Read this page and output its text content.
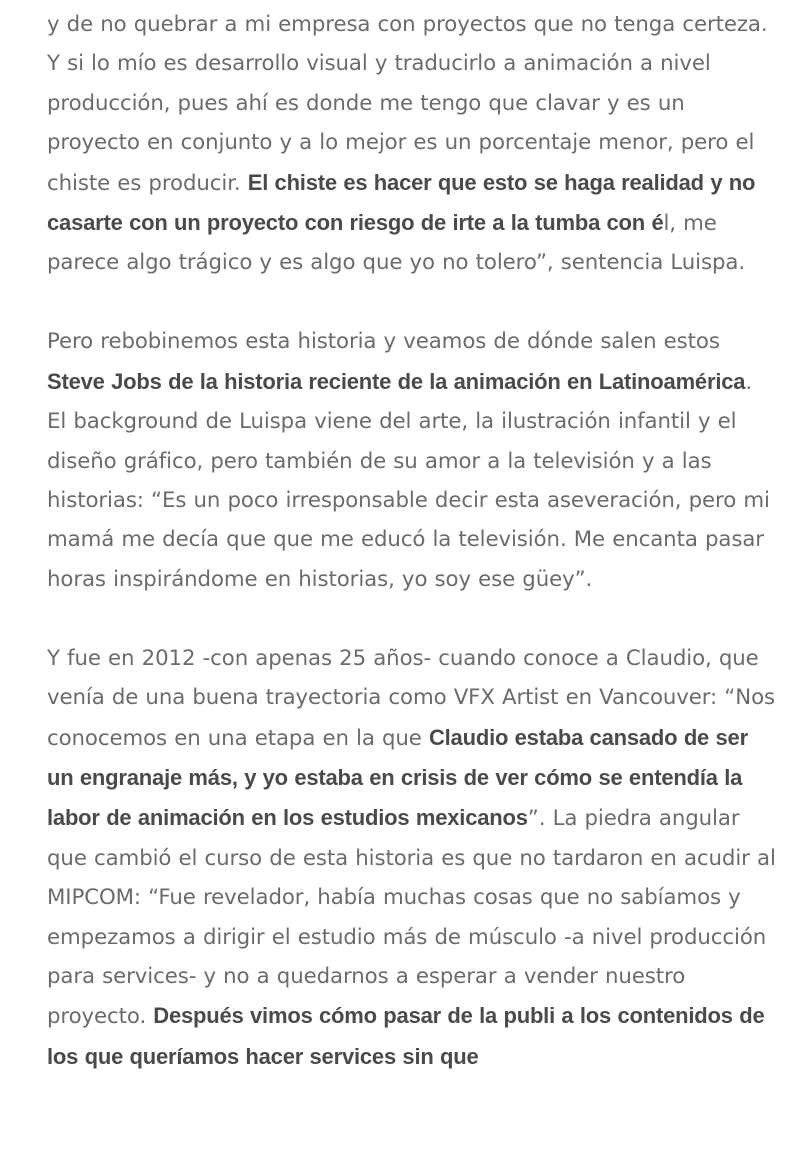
y de no quebrar a mi empresa con proyectos que no tenga certeza. Y si lo mío es desarrollo visual y traducirlo a animación a nivel producción, pues ahí es donde me tengo que clavar y es un proyecto en conjunto y a lo mejor es un porcentaje menor, pero el chiste es producir. El chiste es hacer que esto se haga realidad y no casarte con un proyecto con riesgo de irte a la tumba con él, me parece algo trágico y es algo que yo no tolero”, sentencia Luispa.

Pero rebobinemos esta historia y veamos de dónde salen estos Steve Jobs de la historia reciente de la animación en Latinoamérica. El background de Luispa viene del arte, la ilustración infantil y el diseño gráfico, pero también de su amor a la televisión y a las historias: “Es un poco irresponsable decir esta aseveración, pero mi mamá me decía que que me educó la televisión. Me encanta pasar horas inspirándome en historias, yo soy ese güey”.

Y fue en 2012 -con apenas 25 años- cuando conoce a Claudio, que venía de una buena trayectoria como VFX Artist en Vancouver: “Nos conocemos en una etapa en la que Claudio estaba cansado de ser un engranaje más, y yo estaba en crisis de ver cómo se entendía la labor de animación en los estudios mexicanos”. La piedra angular que cambió el curso de esta historia es que no tardaron en acudir al MIPCOM: “Fue revelador, había muchas cosas que no sabíamos y empezamos a dirigir el estudio más de músculo -a nivel producción para services- y no a quedarnos a esperar a vender nuestro proyecto. Después vimos cómo pasar de la publi a los contenidos de los que queríamos hacer services sin que
